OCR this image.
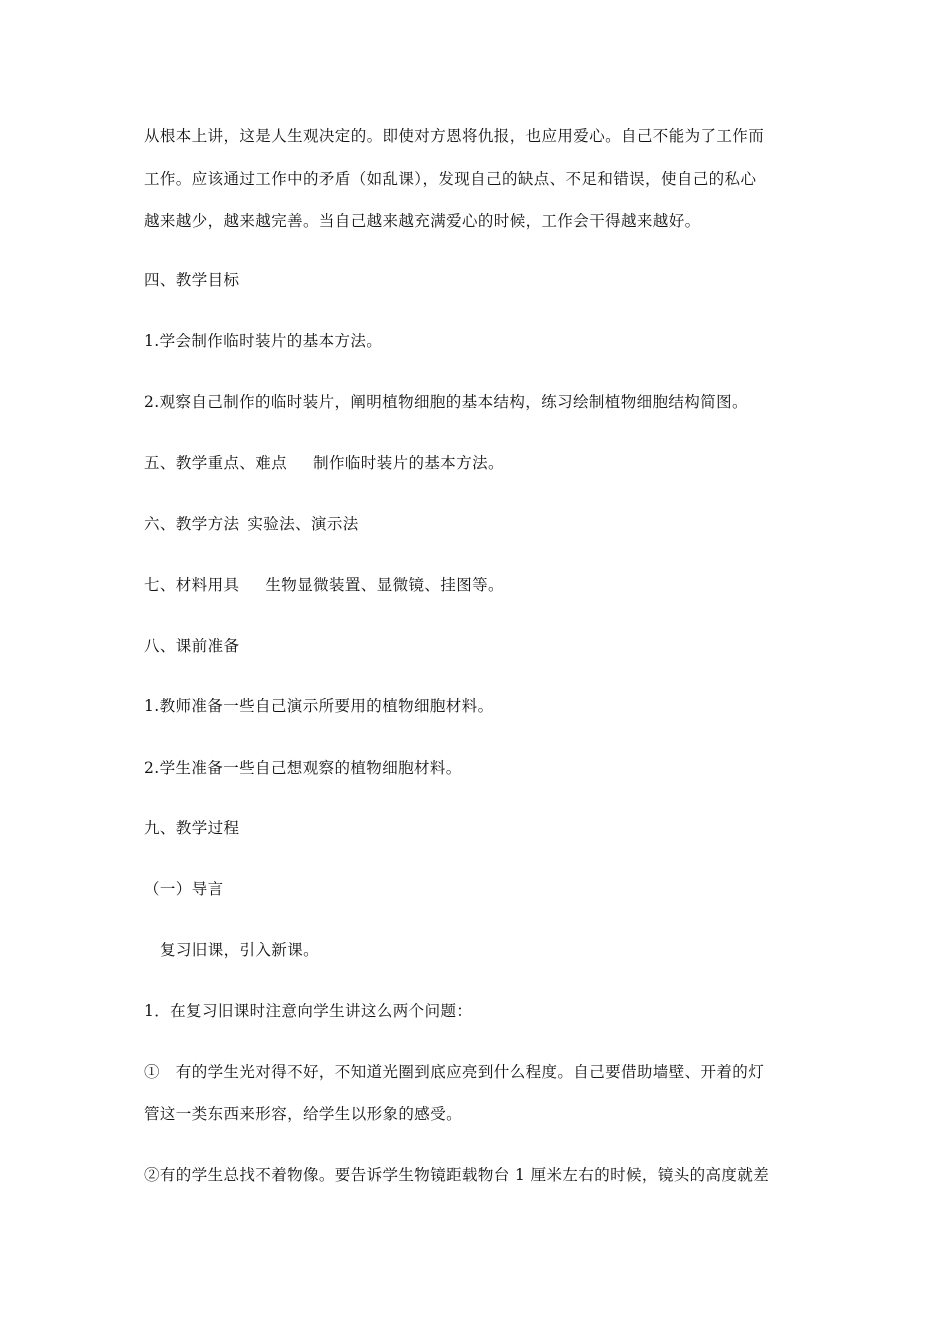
从根本上讲，这是人生观决定的。即使对方恩将仇报，也应用爱心。自己不能为了工作而
工作。应该通过工作中的矛盾（如乱课），发现自己的缺点、不足和错误，使自己的私心
越来越少，越来越完善。当自己越来越充满爱心的时候，工作会干得越来越好。
四、教学目标
1.学会制作临时装片的基本方法。
2.观察自己制作的临时装片，阐明植物细胞的基本结构，练习绘制植物细胞结构简图。
五、教学重点、难点 制作临时装片的基本方法。
六、教学方法 实验法、演示法
七、材料用具 生物显微装置、显微镜、挂图等。
八、课前准备
1.教师准备一些自己演示所要用的植物细胞材料。
2.学生准备一些自己想观察的植物细胞材料。
九、教学过程
（一）导言
复习旧课，引入新课。
1．在复习旧课时注意向学生讲这么两个问题：
①　有的学生光对得不好，不知道光圈到底应亮到什么程度。自己要借助墙壁、开着的灯
管这一类东西来形容，给学生以形象的感受。
②有的学生总找不着物像。要告诉学生物镜距载物台 1 厘米左右的时候，镜头的高度就差
